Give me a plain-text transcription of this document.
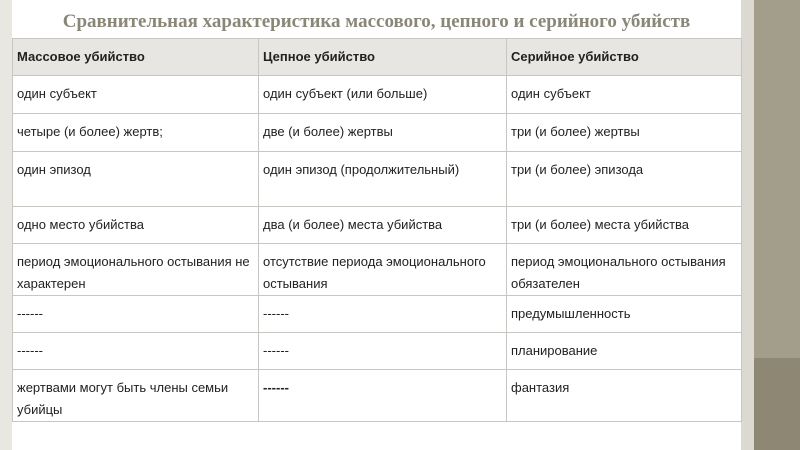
Сравнительная характеристика массового, цепного и серийного убийств
Массовое убийство	Цепное убийство	Серийное убийство
один субъект	один субъект (или больше)	один субъект
четыре (и более) жертв;	две (и более) жертвы	три (и более) жертвы
один эпизод	один эпизод (продолжительный)	три (и более) эпизода
одно место убийства	два (и более) места убийства	три (и более) места убийства
период эмоционального остывания не характерен	отсутствие периода эмоционального остывания	период эмоционального остывания обязателен
------	------	предумышленность
------	------	планирование
жертвами могут быть члены семьи убийцы	------	фантазия
